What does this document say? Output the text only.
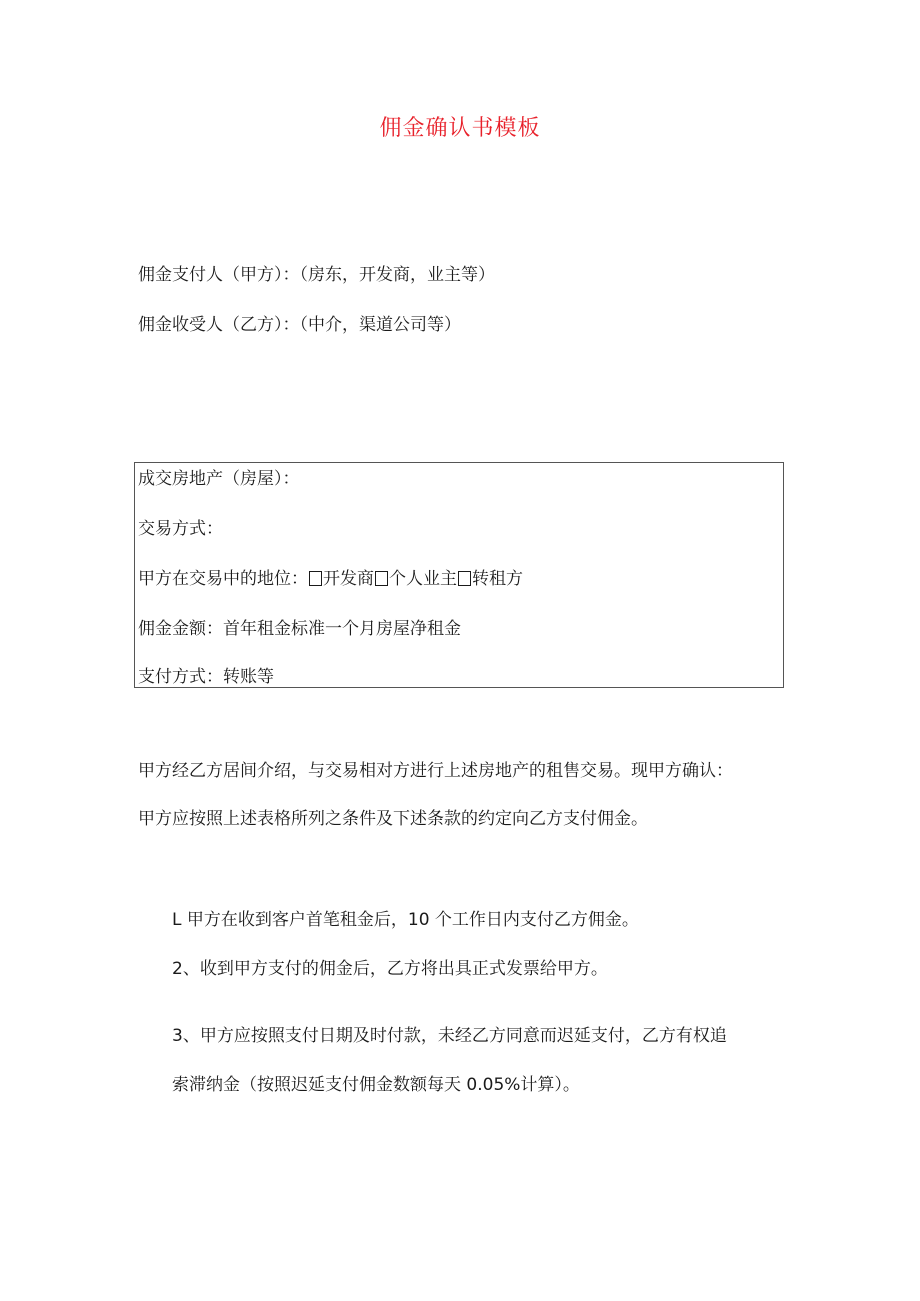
佣金确认书模板
佣金支付人（甲方）：（房东，开发商，业主等）
佣金收受人（乙方）：（中介，渠道公司等）
成交房地产（房屋）：
交易方式：
甲方在交易中的地位： 开发商 个人业主 转租方
佣金金额：首年租金标准一个月房屋净租金
支付方式：转账等
甲方经乙方居间介绍，与交易相对方进行上述房地产的租售交易。现甲方确认：
甲方应按照上述表格所列之条件及下述条款的约定向乙方支付佣金。
L 甲方在收到客户首笔租金后，10 个工作日内支付乙方佣金。
2、收到甲方支付的佣金后，乙方将出具正式发票给甲方。
3、甲方应按照支付日期及时付款，未经乙方同意而迟延支付，乙方有权追
索滞纳金（按照迟延支付佣金数额每天 0.05%计算）。
